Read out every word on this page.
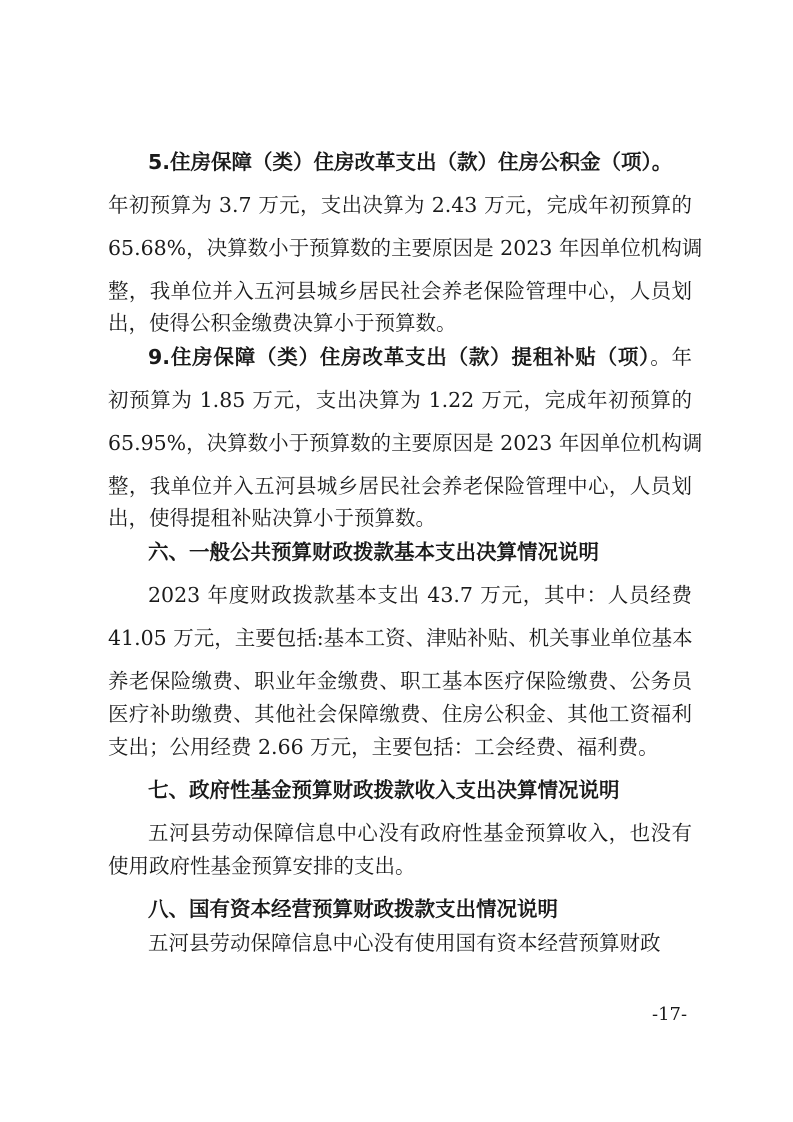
5.住房保障（类）住房改革支出（款）住房公积金（项）。
年初预算为 3.7 万元，支出决算为 2.43 万元，完成年初预算的
65.68%，决算数小于预算数的主要原因是 2023 年因单位机构调
整，我单位并入五河县城乡居民社会养老保险管理中心，人员划
出，使得公积金缴费决算小于预算数。
9.住房保障（类）住房改革支出（款）提租补贴（项）。年
初预算为 1.85 万元，支出决算为 1.22 万元，完成年初预算的
65.95%，决算数小于预算数的主要原因是 2023 年因单位机构调
整，我单位并入五河县城乡居民社会养老保险管理中心，人员划
出，使得提租补贴决算小于预算数。
六、一般公共预算财政拨款基本支出决算情况说明
2023 年度财政拨款基本支出 43.7 万元，其中：人员经费
41.05 万元，主要包括:基本工资、津贴补贴、机关事业单位基本
养老保险缴费、职业年金缴费、职工基本医疗保险缴费、公务员
医疗补助缴费、其他社会保障缴费、住房公积金、其他工资福利
支出；公用经费 2.66 万元，主要包括：工会经费、福利费。
七、政府性基金预算财政拨款收入支出决算情况说明
五河县劳动保障信息中心没有政府性基金预算收入，也没有
使用政府性基金预算安排的支出。
八、国有资本经营预算财政拨款支出情况说明
五河县劳动保障信息中心没有使用国有资本经营预算财政
-17-
